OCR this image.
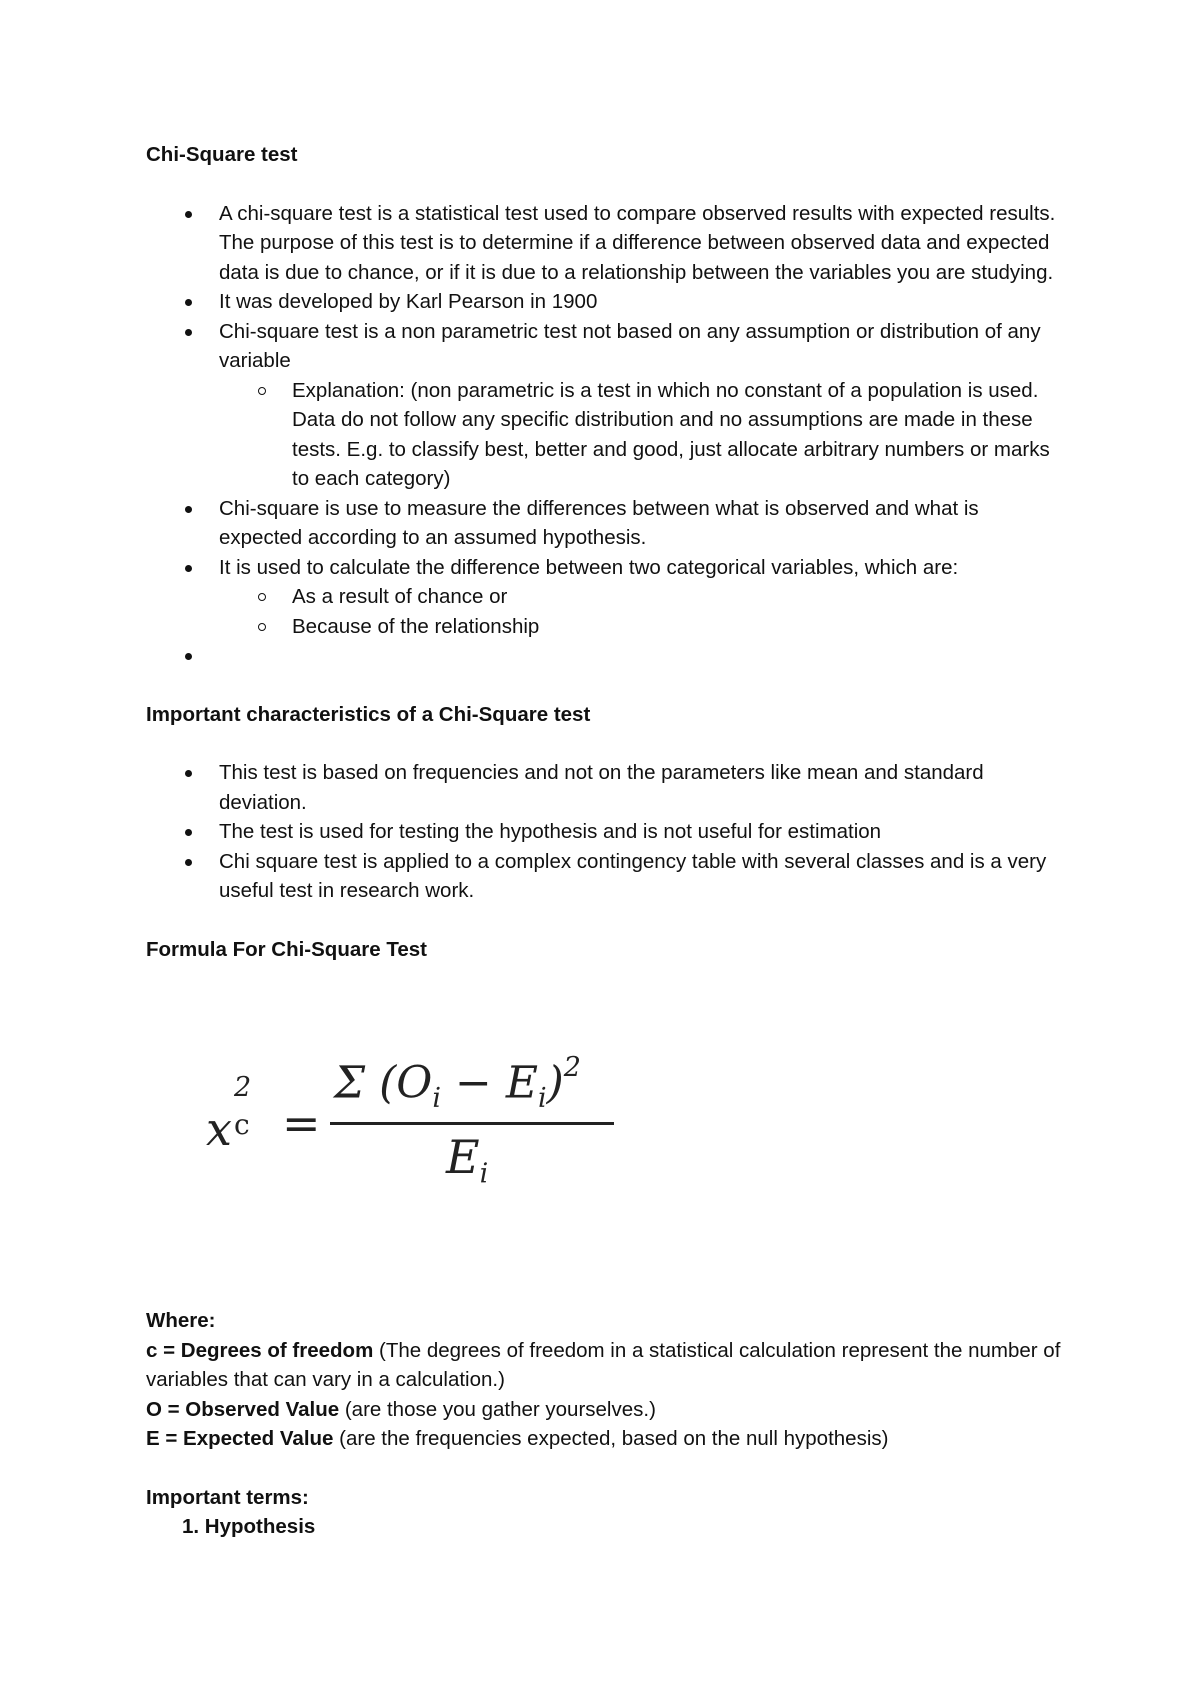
Chi-Square test
A chi-square test is a statistical test used to compare observed results with expected results. The purpose of this test is to determine if a difference between observed data and expected data is due to chance, or if it is due to a relationship between the variables you are studying.
It was developed by Karl Pearson in 1900
Chi-square test is a non parametric test not based on any assumption or distribution of any variable
Explanation: (non parametric is a test in which no constant of a population is used. Data do not follow any specific distribution and no assumptions are made in these tests. E.g. to classify best, better and good, just allocate arbitrary numbers or marks to each category)
Chi-square is use to measure the differences between what is observed and what is expected according to an assumed hypothesis.
It is used to calculate the difference between two categorical variables, which are:
As a result of chance or
Because of the relationship

Important characteristics of a Chi-Square test
This test is based on frequencies and not on the parameters like mean and standard deviation.
The test is used for testing the hypothesis and is not useful for estimation
Chi square test is applied to a complex contingency table with several classes and is a very useful test in research work.
Formula For Chi-Square Test
x
2
c =
Σ $(O_i - E_i)^2$
$E_i$
Where:
c = Degrees of freedom (The degrees of freedom in a statistical calculation represent the number of variables that can vary in a calculation.)
O = Observed Value (are those you gather yourselves.)
E = Expected Value (are the frequencies expected, based on the null hypothesis)
Important terms:
1. Hypothesis
